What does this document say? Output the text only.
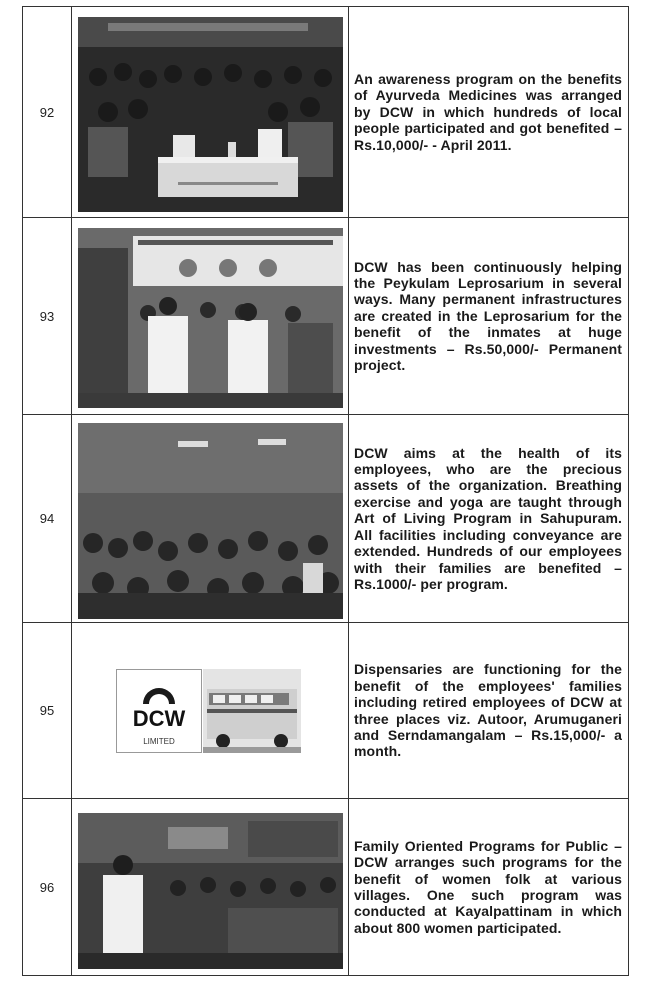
92

An awareness program on the benefits of Ayurveda Medicines was arranged by DCW in which hundreds of local people participated and got benefited – Rs.10,000/- - April 2011.

93

DCW has been continuously helping the Peykulam Leprosarium in several ways. Many permanent infrastructures are created in the Leprosarium for the benefit of the inmates at huge investments – Rs.50,000/- Permanent project.

94

DCW aims at the health of its employees, who are the precious assets of the organization. Breathing exercise and yoga are taught through Art of Living Program in Sahupuram. All facilities including conveyance are extended. Hundreds of our employees with their families are benefited – Rs.1000/- per program.

95	DCW
LIMITED

Dispensaries are functioning for the benefit of the employees' families including retired employees of DCW at three places viz. Autoor, Arumuganeri and Serndamangalam – Rs.15,000/- a month.

96

Family Oriented Programs for Public – DCW arranges such programs for the benefit of women folk at various villages. One such program was conducted at Kayalpattinam in which about 800 women participated.
